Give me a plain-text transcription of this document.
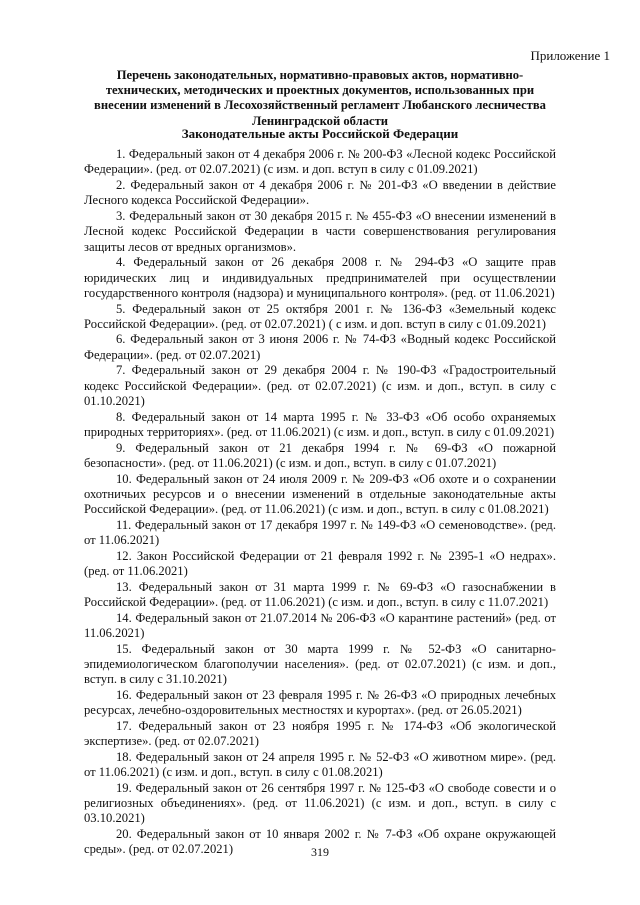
Приложение 1
Перечень законодательных, нормативно-правовых актов, нормативно-технических, методических и проектных документов, использованных при внесении изменений в Лесохозяйственный регламент Любанского лесничества Ленинградской области
Законодательные акты Российской Федерации

1. Федеральный закон от 4 декабря 2006 г. № 200-ФЗ «Лесной кодекс Российской Федерации». (ред. от 02.07.2021) (с изм. и доп. вступ в силу с 01.09.2021)

2. Федеральный закон от 4 декабря 2006 г. № 201-ФЗ «О введении в действие Лесного кодекса Российской Федерации».

3. Федеральный закон от 30 декабря 2015 г. № 455-ФЗ «О внесении изменений в Лесной кодекс Российской Федерации в части совершенствования регулирования защиты лесов от вредных организмов».

4. Федеральный закон от 26 декабря 2008 г. № 294-ФЗ «О защите прав юридических лиц и индивидуальных предпринимателей при осуществлении государственного контроля (надзора) и муниципального контроля». (ред. от 11.06.2021)

5. Федеральный закон от 25 октября 2001 г. № 136-ФЗ «Земельный кодекс Российской Федерации». (ред. от 02.07.2021) ( с изм. и доп. вступ в силу с 01.09.2021)

6. Федеральный закон от 3 июня 2006 г. № 74-ФЗ «Водный кодекс Российской Федерации». (ред. от 02.07.2021)

7. Федеральный закон от 29 декабря 2004 г. № 190-ФЗ «Градостроительный кодекс Российской Федерации». (ред. от 02.07.2021) (с изм. и доп., вступ. в силу с 01.10.2021)

8. Федеральный закон от 14 марта 1995 г. № 33-ФЗ «Об особо охраняемых природных территориях». (ред. от 11.06.2021) (с изм. и доп., вступ. в силу с 01.09.2021)

9. Федеральный закон от 21 декабря 1994 г. № 69-ФЗ «О пожарной безопасности». (ред. от 11.06.2021) (с изм. и доп., вступ. в силу с 01.07.2021)

10. Федеральный закон от 24 июля 2009 г. № 209-ФЗ «Об охоте и о сохранении охотничьих ресурсов и о внесении изменений в отдельные законодательные акты Российской Федерации». (ред. от 11.06.2021) (с изм. и доп., вступ. в силу с 01.08.2021)

11. Федеральный закон от 17 декабря 1997 г. № 149-ФЗ «О семеноводстве». (ред. от 11.06.2021)

12. Закон Российской Федерации от 21 февраля 1992 г. № 2395-1 «О недрах». (ред. от 11.06.2021)

13. Федеральный закон от 31 марта 1999 г. № 69-ФЗ «О газоснабжении в Российской Федерации». (ред. от 11.06.2021) (с изм. и доп., вступ. в силу с 11.07.2021)

14. Федеральный закон от 21.07.2014 № 206-ФЗ «О карантине растений» (ред. от 11.06.2021)

15. Федеральный закон от 30 марта 1999 г. № 52-ФЗ «О санитарно-эпидемиологическом благополучии населения». (ред. от 02.07.2021) (с изм. и доп., вступ. в силу с 31.10.2021)

16. Федеральный закон от 23 февраля 1995 г. № 26-ФЗ «О природных лечебных ресурсах, лечебно-оздоровительных местностях и курортах». (ред. от 26.05.2021)

17. Федеральный закон от 23 ноября 1995 г. № 174-ФЗ «Об экологической экспертизе». (ред. от 02.07.2021)

18. Федеральный закон от 24 апреля 1995 г. № 52-ФЗ «О животном мире». (ред. от 11.06.2021) (с изм. и доп., вступ. в силу с 01.08.2021)

19. Федеральный закон от 26 сентября 1997 г. № 125-ФЗ «О свободе совести и о религиозных объединениях». (ред. от 11.06.2021) (с изм. и доп., вступ. в силу с 03.10.2021)

20. Федеральный закон от 10 января 2002 г. № 7-ФЗ «Об охране окружающей среды». (ред. от 02.07.2021)	319
